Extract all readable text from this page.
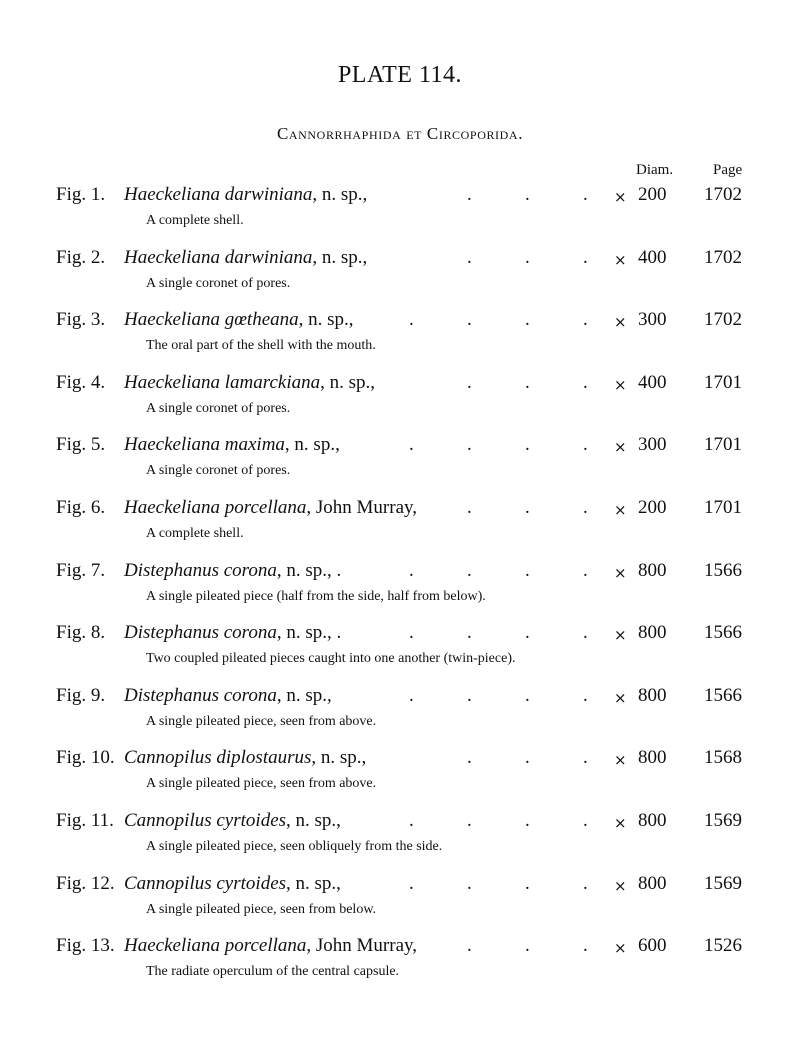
PLATE 114.
Cannorrhaphida et Circoporida.
Diam.	Page
Fig. 1. Haeckeliana darwiniana, n. sp.,	.	.	. × 200 1702
A complete shell.
Fig. 2. Haeckeliana darwiniana, n. sp.,	.	.	. × 400 1702
A single coronet of pores.
Fig. 3. Haeckeliana gœtheana, n. sp.,	.	.	.	. × 300 1702
The oral part of the shell with the mouth.
Fig. 4. Haeckeliana lamarckiana, n. sp.,	.	.	. × 400 1701
A single coronet of pores.
Fig. 5. Haeckeliana maxima, n. sp.,	.	.	.	. × 300 1701
A single coronet of pores.
Fig. 6. Haeckeliana porcellana, John Murray,	.	.	. × 200 1701
A complete shell.
Fig. 7. Distephanus corona, n. sp., .	.	.	.	. × 800 1566
A single pileated piece (half from the side, half from below).
Fig. 8. Distephanus corona, n. sp., .	.	.	.	. × 800 1566
Two coupled pileated pieces caught into one another (twin-piece).
Fig. 9. Distephanus corona, n. sp.,	.	.	.	. × 800 1566
A single pileated piece, seen from above.
Fig. 10. Cannopilus diplostaurus, n. sp.,	.	.	. × 800 1568
A single pileated piece, seen from above.
Fig. 11. Cannopilus cyrtoides, n. sp.,	.	.	.	. × 800 1569
A single pileated piece, seen obliquely from the side.
Fig. 12. Cannopilus cyrtoides, n. sp.,	.	.	.	. × 800 1569
A single pileated piece, seen from below.
Fig. 13. Haeckeliana porcellana, John Murray,	.	.	. × 600 1526
The radiate operculum of the central capsule.
